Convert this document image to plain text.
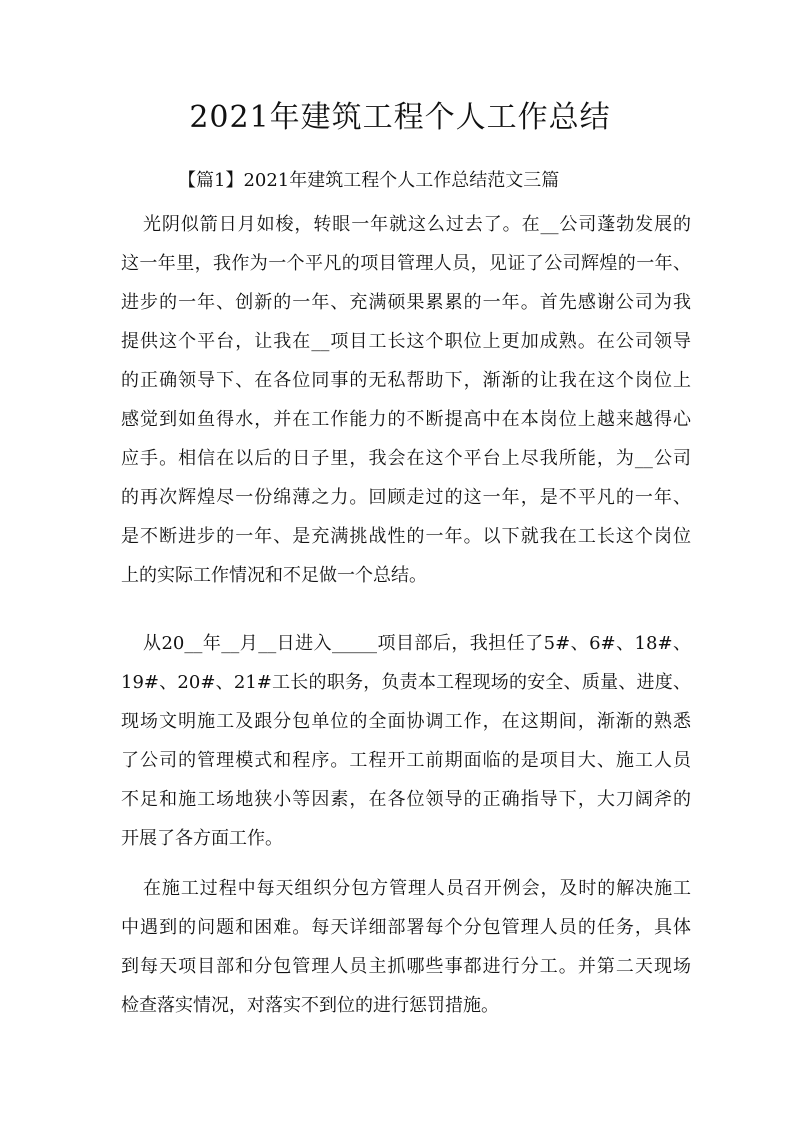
2021年建筑工程个人工作总结

【篇1】2021年建筑工程个人工作总结范文三篇

光阴似箭日月如梭，转眼一年就这么过去了。在__公司蓬勃发展的
这一年里，我作为一个平凡的项目管理人员，见证了公司辉煌的一年、
进步的一年、创新的一年、充满硕果累累的一年。首先感谢公司为我
提供这个平台，让我在__项目工长这个职位上更加成熟。在公司领导
的正确领导下、在各位同事的无私帮助下，渐渐的让我在这个岗位上
感觉到如鱼得水，并在工作能力的不断提高中在本岗位上越来越得心
应手。相信在以后的日子里，我会在这个平台上尽我所能，为__公司
的再次辉煌尽一份绵薄之力。回顾走过的这一年，是不平凡的一年、
是不断进步的一年、是充满挑战性的一年。以下就我在工长这个岗位
上的实际工作情况和不足做一个总结。
从20__年__月__日进入_____项目部后，我担任了5#、6#、18#、
19#、20#、21#工长的职务，负责本工程现场的安全、质量、进度、
现场文明施工及跟分包单位的全面协调工作，在这期间，渐渐的熟悉
了公司的管理模式和程序。工程开工前期面临的是项目大、施工人员
不足和施工场地狭小等因素，在各位领导的正确指导下，大刀阔斧的
开展了各方面工作。
在施工过程中每天组织分包方管理人员召开例会，及时的解决施工
中遇到的问题和困难。每天详细部署每个分包管理人员的任务，具体
到每天项目部和分包管理人员主抓哪些事都进行分工。并第二天现场
检查落实情况，对落实不到位的进行惩罚措施。
